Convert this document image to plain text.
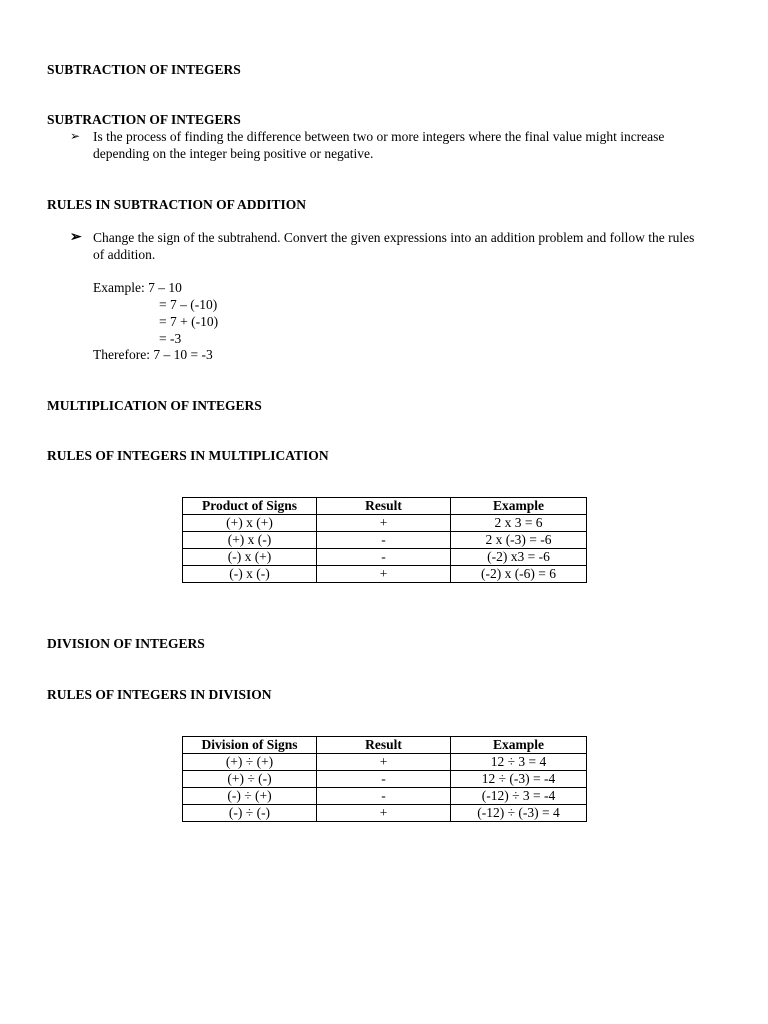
SUBTRACTION OF INTEGERS
SUBTRACTION OF INTEGERS
➢ Is the process of finding the difference between two or more integers where the final value might increase depending on the integer being positive or negative.
RULES IN SUBTRACTION OF ADDITION
➢ Change the sign of the subtrahend. Convert the given expressions into an addition problem and follow the rules of addition.
Example: 7 – 10
= 7 – (-10)
= 7 + (-10)
= -3
Therefore: 7 – 10 = -3
MULTIPLICATION OF INTEGERS
RULES OF INTEGERS IN MULTIPLICATION
Product of Signs	Result	Example
(+) x (+)	+	2 x 3 = 6
(+) x (-)	-	2 x (-3) = -6
(-) x (+)	-	(-2) x3 = -6
(-) x (-)	+	(-2) x (-6) = 6
DIVISION OF INTEGERS
RULES OF INTEGERS IN DIVISION
Division of Signs	Result	Example
(+) ÷ (+)	+	12 ÷ 3 = 4
(+) ÷ (-)	-	12 ÷ (-3) = -4
(-) ÷ (+)	-	(-12) ÷ 3 = -4
(-) ÷ (-)	+	(-12) ÷ (-3) = 4
